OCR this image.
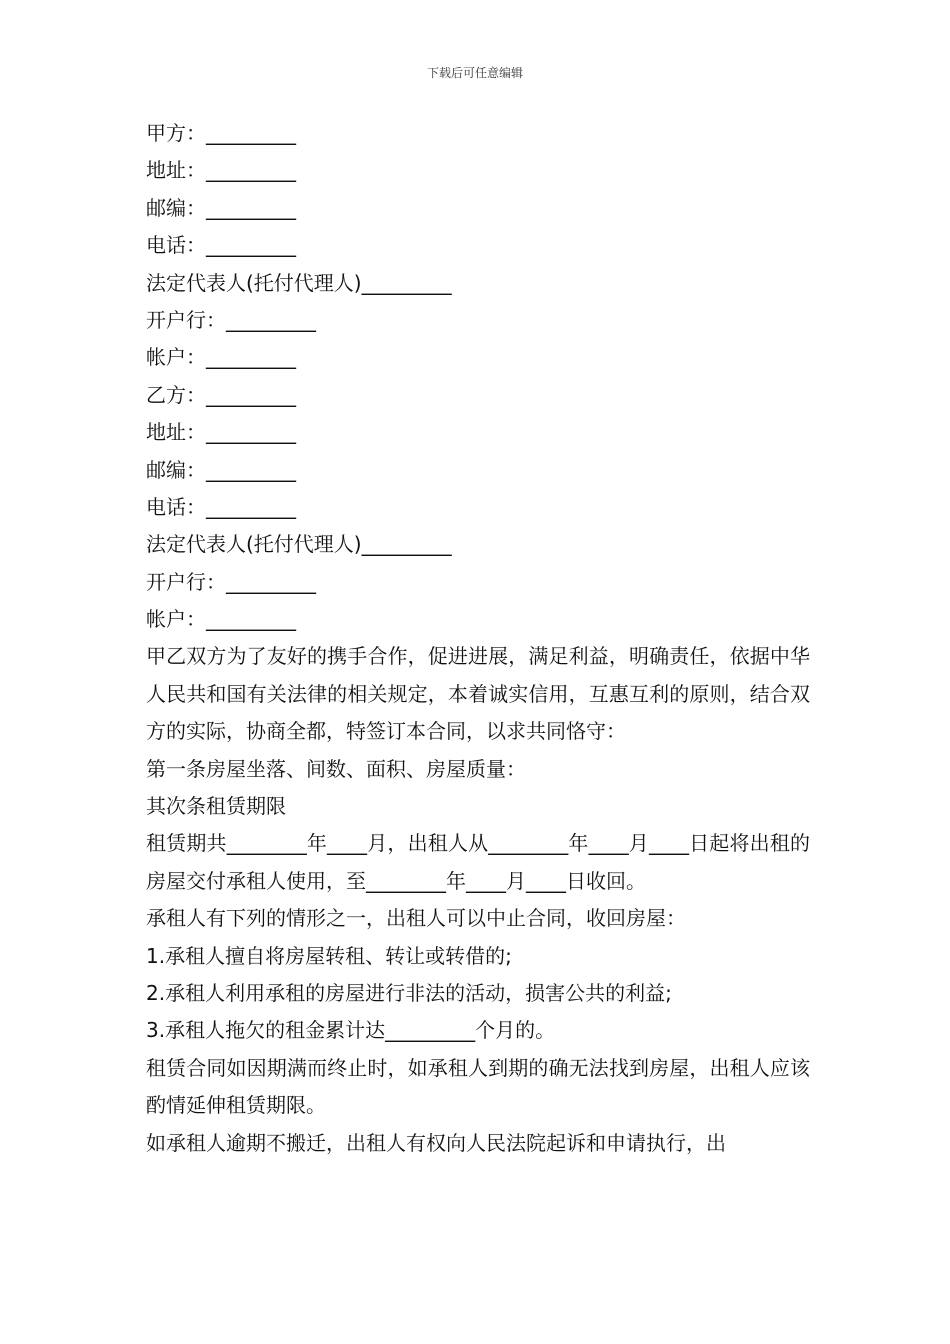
下载后可任意编辑
甲方：_________
地址：_________
邮编：_________
电话：_________
法定代表人(托付代理人)_________
开户行：_________
帐户：_________
乙方：_________
地址：_________
邮编：_________
电话：_________
法定代表人(托付代理人)_________
开户行：_________
帐户：_________
甲乙双方为了友好的携手合作，促进进展，满足利益，明确责任，依据中华人民共和国有关法律的相关规定，本着诚实信用，互惠互利的原则，结合双方的实际，协商全都，特签订本合同，以求共同恪守：
第一条房屋坐落、间数、面积、房屋质量：
其次条租赁期限
租赁期共________年____月，出租人从________年____月____日起将出租的房屋交付承租人使用，至________年____月____日收回。
承租人有下列的情形之一，出租人可以中止合同，收回房屋：
1.承租人擅自将房屋转租、转让或转借的;
2.承租人利用承租的房屋进行非法的活动，损害公共的利益;
3.承租人拖欠的租金累计达_________个月的。
租赁合同如因期满而终止时，如承租人到期的确无法找到房屋，出租人应该酌情延伸租赁期限。
如承租人逾期不搬迁，出租人有权向人民法院起诉和申请执行，出
